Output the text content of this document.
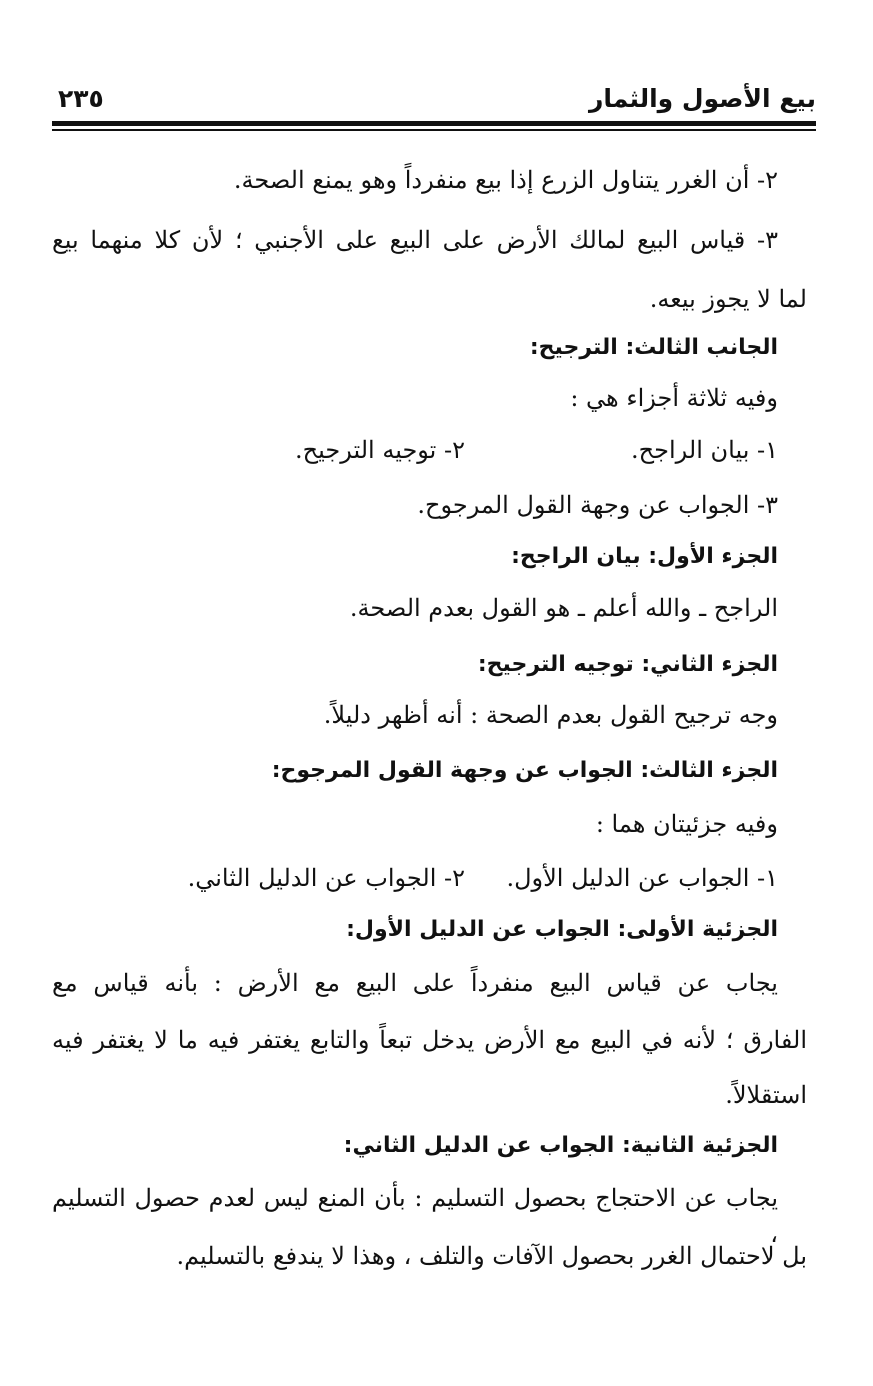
بيع الأصول والثمار
٢٣٥
٢- أن الغرر يتناول الزرع إذا بيع منفرداً وهو يمنع الصحة.
٣- قياس البيع لمالك الأرض على البيع على الأجنبي ؛ لأن كلا منهما بيع
لما لا يجوز بيعه.
الجانب الثالث: الترجيح:
وفيه ثلاثة أجزاء هي :
١- بيان الراجح.
٢- توجيه الترجيح.
٣- الجواب عن وجهة القول المرجوح.
الجزء الأول: بيان الراجح:
الراجح ـ والله أعلم ـ هو القول بعدم الصحة.
الجزء الثاني: توجيه الترجيح:
وجه ترجيح القول بعدم الصحة : أنه أظهر دليلاً.
الجزء الثالث: الجواب عن وجهة القول المرجوح:
وفيه جزئيتان هما :
١- الجواب عن الدليل الأول.
٢- الجواب عن الدليل الثاني.
الجزئية الأولى: الجواب عن الدليل الأول:
يجاب عن قياس البيع منفرداً على البيع مع الأرض : بأنه قياس مع
الفارق ؛ لأنه في البيع مع الأرض يدخل تبعاً والتابع يغتفر فيه ما لا يغتفر فيه
استقلالاً.
الجزئية الثانية: الجواب عن الدليل الثاني:
يجاب عن الاحتجاج بحصول التسليم : بأن المنع ليس لعدم حصول التسليم ،
بل لاحتمال الغرر بحصول الآفات والتلف ، وهذا لا يندفع بالتسليم.
